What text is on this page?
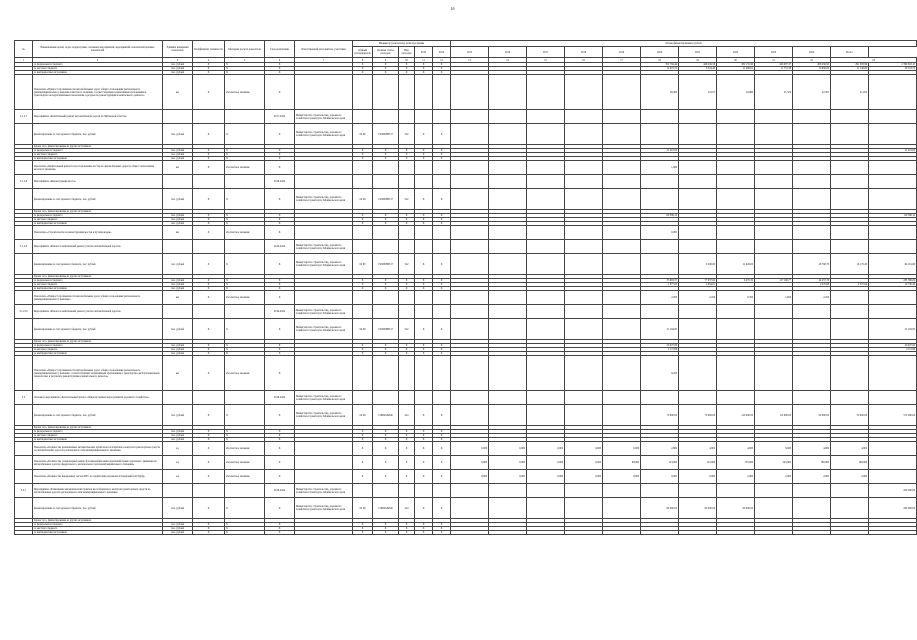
16
№	Наименование целей, задач, подпрограмм, основных мероприятий, мероприятий, показателей целевых показателей	Единица измерения показателя	Коэффициент значимости	Методика расчета показателя	Срок реализации	Ответственный исполнитель, участники	Индикатор (показатель) цели программы					Объем финансирования в рублях											
							главный распорядитель	Целевая статья расходов	Вид расходов	2013	2014	2015	2016	2017	2018	2019	2020	2021	2022	2023	2024	Итого	
1	2	3	4	5	6	7	8	9	10	11	12	13	14	15	16	17	18	19	20	21	22	23	
	за федерального бюджета	тыс. рублей	Х	Х	Х		Х	Х	Х	Х	Х						352 794,44	448 294,58	384 155,90	426 087,37	408 456,93	291 383,96	2 390 618,13
	за местного бюджета	тыс. рублей	Х	Х	Х		Х	Х	Х	Х	Х						14 672,72	9 324,40	11 406,91	11 757,38	10 950,00	11 140,00	59 103,72
	за внебюджетных источников	тыс. рублей	Х	Х	Х		Х	Х	Х	Х	Х												
	Показатель «Прирост протяженности автомобильных дорог общего пользования регионального (межмуниципального) значения и местного значения, соответствующих нормативным требованиям к транспортно-эксплуатационным показателям, в результате реконструкции и капитального ремонта»	км	Х	абсолютное значение	Х												26,300	25,017	16,960	21,374	22,397	21,052	
3.1.2.7	Мероприятие «Капитальный ремонт автомобильной дороги по Читинской области»				2017-2024	Министерство строительства, дорожного хозяйства и транспорта Забайкальского края																	
	финансирование за счет краевого бюджета, тыс. рублей	тыс. рублей	Х	Х	Х	Министерство строительства, дорожного хозяйства и транспорта Забайкальского края	04 09	150000Н0517	522	Х	Х												
	Кроме того, финансирование из других источников:																						
	за федерального бюджета	тыс. рублей	Х	Х	Х		Х	Х	Х	Х	Х						21 401,00						21 401,00
	за местного бюджета	тыс. рублей	Х	Х	Х		Х	Х	Х	Х	Х												
	за внебюджетных источников	тыс. рублей	Х	Х	Х		Х	Х	Х	Х	Х												
	Показатель «Капитальный ремонт и восстановление мостов на автомобильных дорогах общего пользования местного значения»	км	Х	абсолютное значение	Х												1,069						
3.1.2.8	Мероприятие «Реконструкция моста»				2018-2024																		
	финансирование за счет краевого бюджета, тыс. рублей	тыс. рублей	Х	Х	Х	Министерство строительства, дорожного хозяйства и транспорта Забайкальского края	04 09	150000Н0517	522	Х	Х												
	Кроме того, финансирование из других источников:																						
	за федерального бюджета	тыс. рублей	Х	Х	Х		Х	Х	Х	Х	Х						119 399,12						119 399,12
	за местного бюджета	тыс. рублей	Х	Х	Х		Х	Х	Х	Х	Х												
	за внебюджетных источников	тыс. рублей	Х	Х	Х		Х	Х	Х	Х	Х												
	Показатель «Строительство и реконструкция мостов и путепроводов»	км	Х	абсолютное значение	Х												0,085						
3.1.2.9	Мероприятие «Ремонт и капитальный ремонт участка автомобильной дороги»				2019-2024	Министерство строительства, дорожного хозяйства и транспорта Забайкальского края																	
	финансирование за счет краевого бюджета, тыс. рублей	тыс. рублей	Х	Х	Х	Министерство строительства, дорожного хозяйства и транспорта Забайкальского края	04 09	150000Н0517	522	Х	Х							9 296,00	11 926,00		26 768,70	16 170,20	64 161,90
	Кроме того, финансирование из других источников:																						
	за федерального бюджета	тыс. рублей	Х	Х	Х		Х	Х	Х	Х	Х						35 663,57	77 037,62	9 470,32	117 160,77	44 257,78		283 589,06
	за местного бюджета	тыс. рублей	Х	Х	Х		Х	Х	Х	Х	Х						1 877,03	4 054,61			2 470,68	2 327,94	10 730,26
	за внебюджетных источников	тыс. рублей	Х	Х	Х		Х	Х	Х	Х	Х												
	Показатель «Прирост протяженности автомобильных дорог общего пользования регионального (межмуниципального) значения»	км	Х	абсолютное значение	Х												2,050	2,456	6,760	1,650	2,256		
3.1.2.10	Мероприятие «Ремонт и капитальный ремонт участка автомобильной дороги»				2019-2024	Министерство строительства, дорожного хозяйства и транспорта Забайкальского края																	
	финансирование за счет краевого бюджета, тыс. рублей	тыс. рублей	Х	Х	Х	Министерство строительства, дорожного хозяйства и транспорта Забайкальского края	04 09	150000Н0517	522	Х	Х						21 194,85						21 194,85
	Кроме того, финансирование из других источников:																						
	за федерального бюджета	тыс. рублей	Х	Х	Х		Х	Х	Х	Х	Х						20 927,00						20 927,00
	за местного бюджета	тыс. рублей	Х	Х	Х		Х	Х	Х	Х	Х						2 115,96						2 115,96
	за внебюджетных источников	тыс. рублей	Х	Х	Х		Х	Х	Х	Х	Х												
	Показатель «Прирост протяженности автомобильных дорог общего пользования регионального (межмуниципального) значения, соответствующих нормативным требованиям к транспортно-эксплуатационным показателям, в результате реконструкции и капитального ремонта»	км	Х	абсолютное значение	Х												0,250						
3.2	Основное мероприятие «Региональный проект «Общесистемные меры развития дорожного хозяйства»»				2018-2024	Министерство строительства, дорожного хозяйства и транспорта Забайкальского края																	
	финансирование за счет краевого бюджета, тыс. рублей	тыс. рублей	Х	Х	Х	Министерство строительства, дорожного хозяйства и транспорта Забайкальского края	04 09	150R2М4340	414	Х	Х						70 000,00	70 000,00	120 000,00	112 000,00	90 000,00	50 000,00	572 000,00
	Кроме того, финансирование из других источников:																						
	за федерального бюджета	тыс. рублей	Х	Х	Х		Х	Х	Х	Х	Х												
	за местного бюджета	тыс. рублей	Х	Х	Х		Х	Х	Х	Х	Х												
	за внебюджетных источников	тыс. рублей	Х	Х	Х		Х	Х	Х	Х	Х												
	Показатель «Количество размещаемых автоматических пунктов весогабаритного контроля транспортных средств на автомобильных дорогах регионального или межмуниципального значения»	ед.	Х	абсолютное значение	Х		Х	Х	Х	Х	Х	0,000	0,000	0,000	0,000	0,000	2,600	4,000	4,000	8,000	4,000	4,000	
	Показатель «Количество стационарных камер фотовидеофиксации нарушений правил дорожного движения на автомобильных дорогах федерального, регионального или межмуниципального значения»	ед.	Х	абсолютное значение	Х		Х	Х	Х	Х	Х	0,000	0,000	0,000	0,000	89,000	123,000	123,000	135,000	245,000	180,000	180,000	
	Показатель «Количество внедренных систем ИТС на территории дорожных агломераций (АСУДД)»	ед.	Х	абсолютное значение	Х		Х	Х	Х	Х	Х	0,000	0,000	0,000	0,000	0,000	0,000	0,000	2,000	2,000	2,000	2,000	
3.2.1	Мероприятие «Размещение автоматических пунктов весогабаритного контроля транспортных средств на автомобильных дорогах регионального или межмуниципального значения»				2018-2024	Министерство строительства, дорожного хозяйства и транспорта Забайкальского края																	200 000,00
	финансирование за счет краевого бюджета, тыс. рублей	тыс. рублей	Х	Х	Х	Министерство строительства, дорожного хозяйства и транспорта Забайкальского края	04 09	150R2М4340	414	Х	Х						86 000,00	80 000,00	80 000,00				200 000,00
	Кроме того, финансирование из других источников:																						
	за федерального бюджета	тыс. рублей	Х	Х	Х		Х	Х	Х	Х	Х												
	за местного бюджета	тыс. рублей	Х	Х	Х		Х	Х	Х	Х	Х												
	за внебюджетных источников	тыс. рублей	Х	Х	Х		Х	Х	Х	Х	Х												
